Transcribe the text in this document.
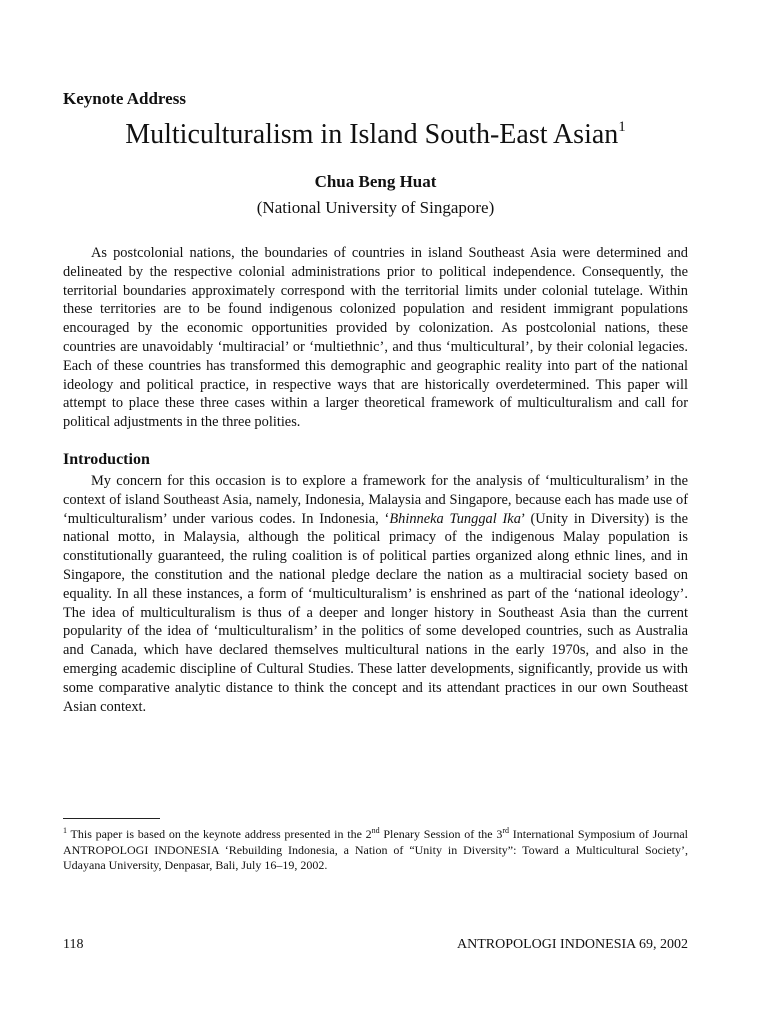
Keynote Address

Multiculturalism in Island South-East Asian$^1$

Chua Beng Huat

(National University of Singapore)

As postcolonial nations, the boundaries of countries in island Southeast Asia were determined and delineated by the respective colonial administrations prior to political independence. Consequently, the territorial boundaries approximately correspond with the territorial limits under colonial tutelage. Within these territories are to be found indigenous colonized population and resident immigrant populations encouraged by the economic opportunities provided by colonization. As postcolonial nations, these countries are unavoidably ‘multiracial’ or ‘multiethnic’, and thus ‘multicultural’, by their colonial legacies. Each of these countries has transformed this demographic and geographic reality into part of the national ideology and political practice, in respective ways that are historically overdetermined. This paper will attempt to place these three cases within a larger theoretical framework of multiculturalism and call for political adjustments in the three polities.

Introduction

My concern for this occasion is to explore a framework for the analysis of ‘multiculturalism’ in the context of island Southeast Asia, namely, Indonesia, Malaysia and Singapore, because each has made use of ‘multiculturalism’ under various codes. In Indonesia, ‘Bhinneka Tunggal Ika’ (Unity in Diversity) is the national motto, in Malaysia, although the political primacy of the indigenous Malay population is constitutionally guaranteed, the ruling coalition is of political parties organized along ethnic lines, and in Singapore, the constitution and the national pledge declare the nation as a multiracial society based on equality. In all these instances, a form of ‘multiculturalism’ is enshrined as part of the ‘national ideology’. The idea of multiculturalism is thus of a deeper and longer history in Southeast Asia than the current popularity of the idea of ‘multiculturalism’ in the politics of some developed countries, such as Australia and Canada, which have declared themselves multicultural nations in the early 1970s, and also in the emerging academic discipline of Cultural Studies. These latter developments, significantly, provide us with some comparative analytic distance to think the concept and its attendant practices in our own Southeast Asian context.

$^1$ This paper is based on the keynote address presented in the 2nd Plenary Session of the 3rd International Symposium of Journal ANTROPOLOGI INDONESIA ‘Rebuilding Indonesia, a Nation of “Unity in Diversity”: Toward a Multicultural Society’, Udayana University, Denpasar, Bali, July 16–19, 2002.

118	ANTROPOLOGI INDONESIA 69, 2002
